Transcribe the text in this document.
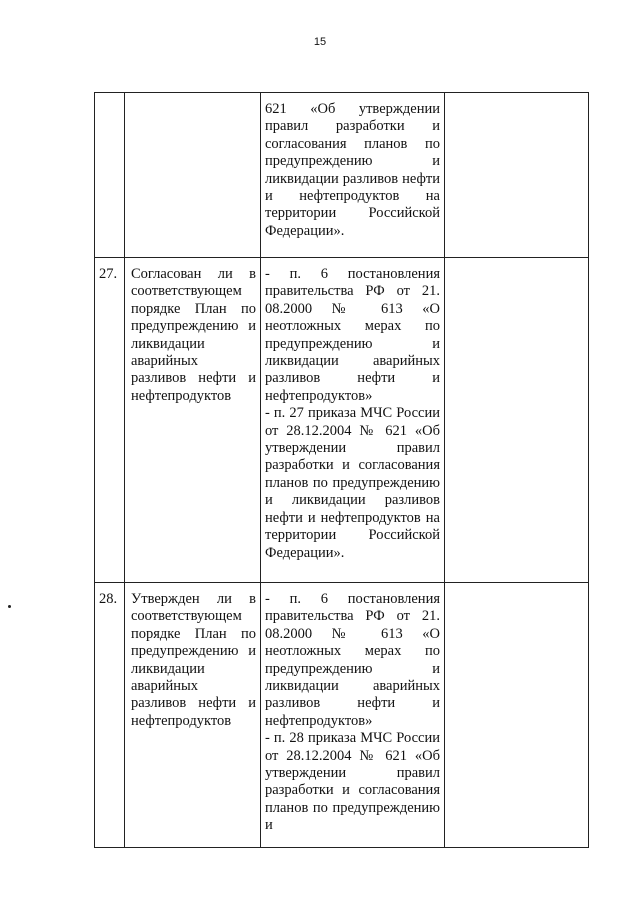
15

		621 «Об утверждении правил разработки и согласования планов по предупреждению и ликвидации разливов нефти и нефтепродуктов на территории Российской Федерации».	

27.	Согласован ли в соответствующем порядке План по предупреждению и ликвидации аварийных разливов нефти и нефтепродуктов	- п. 6 постановления правительства РФ от 21. 08.2000 № 613 «О неотложных мерах по предупреждению и ликвидации аварийных разливов нефти и нефтепродуктов»

- п. 27 приказа МЧС России от 28.12.2004 № 621 «Об утверждении правил разработки и согласования планов по предупреждению и ликвидации разливов нефти и нефтепродуктов на территории Российской Федерации».	

28.	Утвержден ли в соответствующем порядке План по предупреждению и ликвидации аварийных разливов нефти и нефтепродуктов	- п. 6 постановления правительства РФ от 21. 08.2000 № 613 «О неотложных мерах по предупреждению и ликвидации аварийных разливов нефти и нефтепродуктов»

- п. 28 приказа МЧС России от 28.12.2004 № 621 «Об утверждении правил разработки и согласования планов по предупреждению и	
